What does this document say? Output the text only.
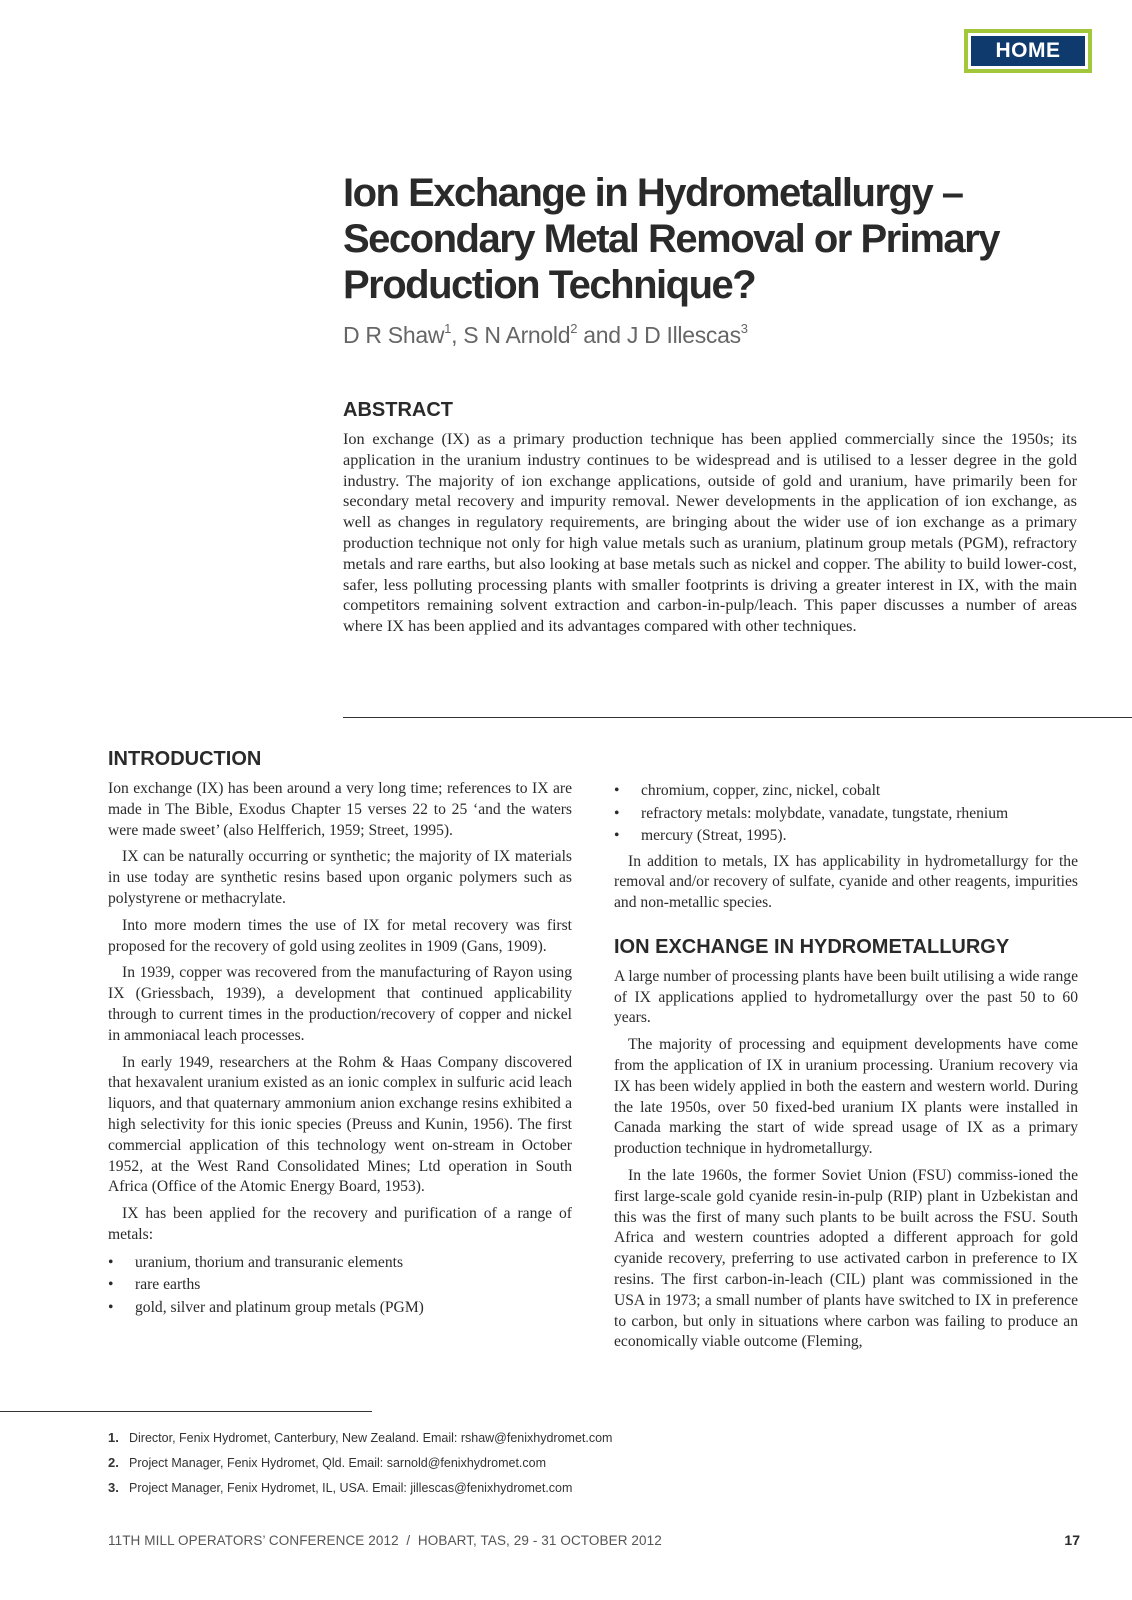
HOME
Ion Exchange in Hydrometallurgy –
Secondary Metal Removal or Primary
Production Technique?
D R Shaw$^1$, S N Arnold$^2$ and J D Illescas$^3$
ABSTRACT

Ion exchange (IX) as a primary production technique has been applied commercially since the 1950s; its application in the uranium industry continues to be widespread and is utilised to a lesser degree in the gold industry. The majority of ion exchange applications, outside of gold and uranium, have primarily been for secondary metal recovery and impurity removal. Newer developments in the application of ion exchange, as well as changes in regulatory requirements, are bringing about the wider use of ion exchange as a primary production technique not only for high value metals such as uranium, platinum group metals (PGM), refractory metals and rare earths, but also looking at base metals such as nickel and copper. The ability to build lower-cost, safer, less polluting processing plants with smaller footprints is driving a greater interest in IX, with the main competitors remaining solvent extraction and carbon-in-pulp/leach. This paper discusses a number of areas where IX has been applied and its advantages compared with other techniques.

INTRODUCTION

Ion exchange (IX) has been around a very long time; references to IX are made in The Bible, Exodus Chapter 15 verses 22 to 25 ‘and the waters were made sweet’ (also Helfferich, 1959; Street, 1995).

IX can be naturally occurring or synthetic; the majority of IX materials in use today are synthetic resins based upon organic polymers such as polystyrene or methacrylate.

Into more modern times the use of IX for metal recovery was first proposed for the recovery of gold using zeolites in 1909 (Gans, 1909).

In 1939, copper was recovered from the manufacturing of Rayon using IX (Griessbach, 1939), a development that continued applicability through to current times in the production/recovery of copper and nickel in ammoniacal leach processes.

In early 1949, researchers at the Rohm & Haas Company discovered that hexavalent uranium existed as an ionic complex in sulfuric acid leach liquors, and that quaternary ammonium anion exchange resins exhibited a high selectivity for this ionic species (Preuss and Kunin, 1956). The first commercial application of this technology went on-stream in October 1952, at the West Rand Consolidated Mines; Ltd operation in South Africa (Office of the Atomic Energy Board, 1953).

IX has been applied for the recovery and purification of a range of metals:

• uranium, thorium and transuranic elements
• rare earths
• gold, silver and platinum group metals (PGM)
• chromium, copper, zinc, nickel, cobalt
• refractory metals: molybdate, vanadate, tungstate, rhenium
• mercury (Streat, 1995).

In addition to metals, IX has applicability in hydrometallurgy for the removal and/or recovery of sulfate, cyanide and other reagents, impurities and non-metallic species.

ION EXCHANGE IN HYDROMETALLURGY

A large number of processing plants have been built utilising a wide range of IX applications applied to hydrometallurgy over the past 50 to 60 years.

The majority of processing and equipment developments have come from the application of IX in uranium processing. Uranium recovery via IX has been widely applied in both the eastern and western world. During the late 1950s, over 50 fixed-bed uranium IX plants were installed in Canada marking the start of wide spread usage of IX as a primary production technique in hydrometallurgy.

In the late 1960s, the former Soviet Union (FSU) commiss-ioned the first large-scale gold cyanide resin-in-pulp (RIP) plant in Uzbekistan and this was the first of many such plants to be built across the FSU. South Africa and western countries adopted a different approach for gold cyanide recovery, preferring to use activated carbon in preference to IX resins. The first carbon-in-leach (CIL) plant was commissioned in the USA in 1973; a small number of plants have switched to IX in preference to carbon, but only in situations where carbon was failing to produce an economically viable outcome (Fleming,

1. Director, Fenix Hydromet, Canterbury, New Zealand. Email: rshaw@fenixhydromet.com
2. Project Manager, Fenix Hydromet, Qld. Email: sarnold@fenixhydromet.com
3. Project Manager, Fenix Hydromet, IL, USA. Email: jillescas@fenixhydromet.com
11TH MILL OPERATORS’ CONFERENCE 2012  /  HOBART, TAS, 29 - 31 OCTOBER 2012	17
